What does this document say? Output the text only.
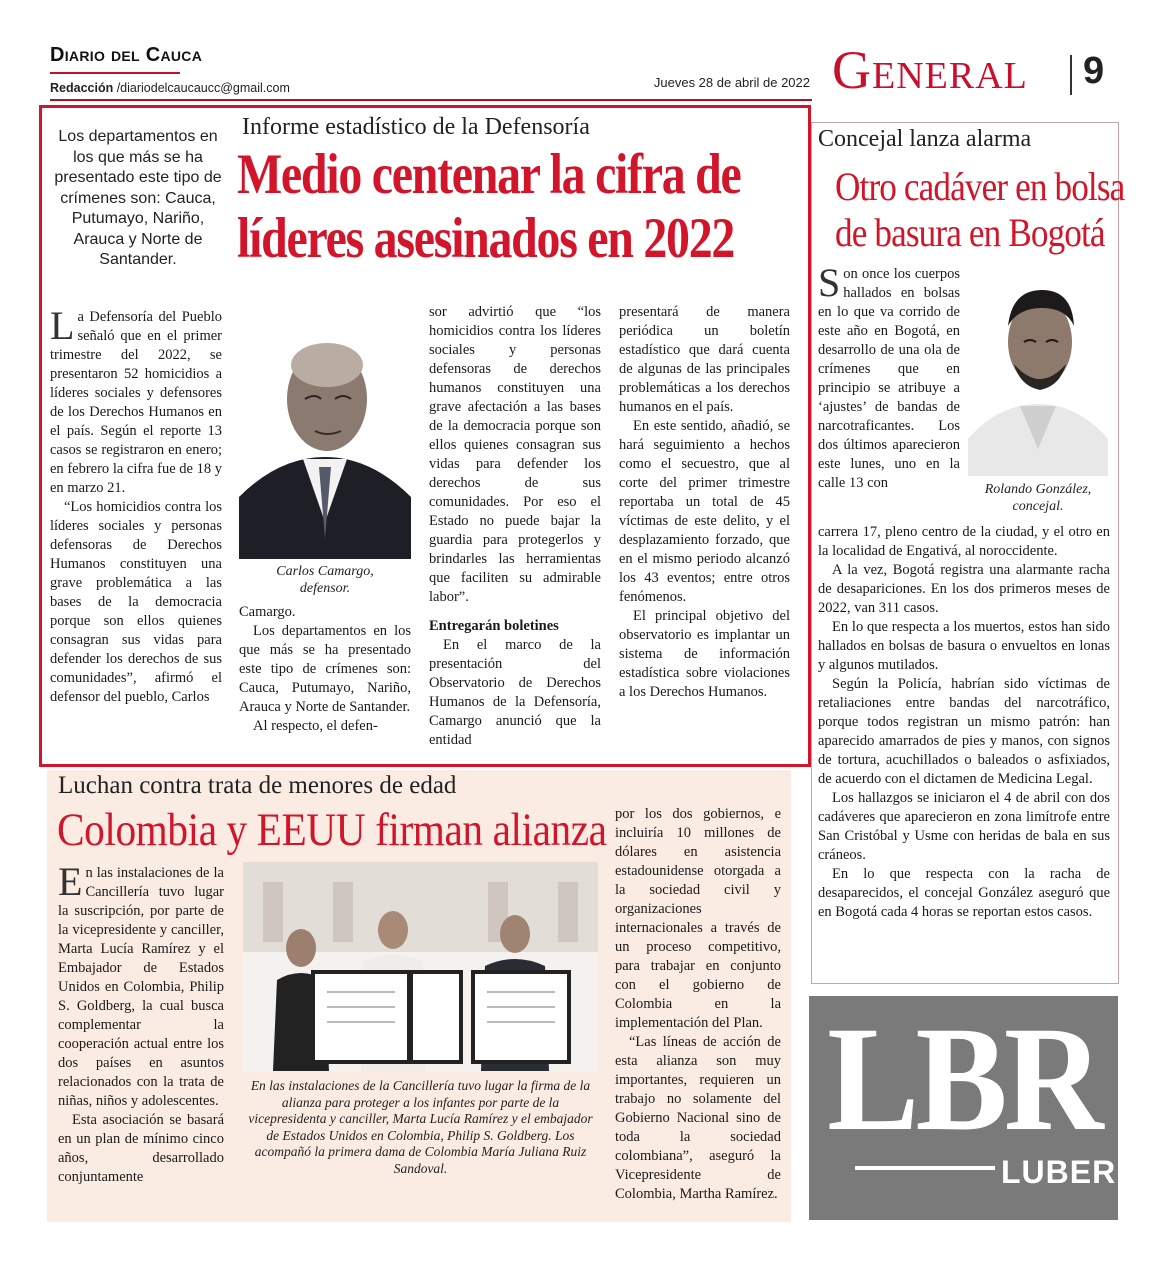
Diario del Cauca
Redacción /diariodelcaucaucc@gmail.com	Jueves 28 de abril de 2022 General 9
Informe estadístico de la Defensoría
Medio centenar la cifra de
líderes asesinados en 2022
Los departamentos en los que más se ha presentado este tipo de crímenes son: Cauca, Putumayo, Nariño, Arauca y Norte de Santander.

La Defensoría del Pueblo señaló que en el primer trimestre del 2022, se presentaron 52 homicidios a líderes sociales y defensores de los Derechos Humanos en el país. Según el reporte 13 casos se registraron en enero; en febrero la cifra fue de 18 y en marzo 21.

“Los homicidios contra los líderes sociales y personas defensoras de Derechos Humanos constituyen una grave problemática a las bases de la democracia porque son ellos quienes consagran sus vidas para defender los derechos de sus comunidades”, afirmó el defensor del pueblo, Carlos

Carlos Camargo,
defensor.

Camargo.

Los departamentos en los que más se ha presentado este tipo de crímenes son: Cauca, Putumayo, Nariño, Arauca y Norte de Santander.

Al respecto, el defen-

sor advirtió que “los homicidios contra los líderes sociales y personas defensoras de derechos humanos constituyen una grave afectación a las bases de la democracia porque son ellos quienes consagran sus vidas para defender los derechos de sus comunidades. Por eso el Estado no puede bajar la guardia para protegerlos y brindarles las herramientas que faciliten su admirable labor”.

Entregarán boletines

En el marco de la presentación del Observatorio de Derechos Humanos de la Defensoría, Camargo anunció que la entidad

presentará de manera periódica un boletín estadístico que dará cuenta de algunas de las principales problemáticas a los derechos humanos en el país.

En este sentido, añadió, se hará seguimiento a hechos como el secuestro, que al corte del primer trimestre reportaba un total de 45 víctimas de este delito, y el desplazamiento forzado, que en el mismo periodo alcanzó los 43 eventos; entre otros fenómenos.

El principal objetivo del observatorio es implantar un sistema de información estadística sobre violaciones a los Derechos Humanos.

Concejal lanza alarma
Otro cadáver en bolsa
de basura en Bogotá

Son once los cuerpos hallados en bolsas en lo que va corrido de este año en Bogotá, en desarrollo de una ola de crímenes que en principio se atribuye a ‘ajustes’ de bandas de narcotraficantes. Los dos últimos aparecieron este lunes, uno en la calle 13 con	Rolando González,
concejal.

carrera 17, pleno centro de la ciudad, y el otro en la localidad de Engativá, al noroccidente.

A la vez, Bogotá registra una alarmante racha de desapariciones. En los dos primeros meses de 2022, van 311 casos.

En lo que respecta a los muertos, estos han sido hallados en bolsas de basura o envueltos en lonas y algunos mutilados.

Según la Policía, habrían sido víctimas de retaliaciones entre bandas del narcotráfico, porque todos registran un mismo patrón: han aparecido amarrados de pies y manos, con signos de tortura, acuchillados o baleados o asfixiados, de acuerdo con el dictamen de Medicina Legal.

Los hallazgos se iniciaron el 4 de abril con dos cadáveres que aparecieron en zona limítrofe entre San Cristóbal y Usme con heridas de bala en sus cráneos.

En lo que respecta con la racha de desaparecidos, el concejal González aseguró que en Bogotá cada 4 horas se reportan estos casos.

Luchan contra trata de menores de edad
Colombia y EEUU firman alianza

En las instalaciones de la Cancillería tuvo lugar la suscripción, por parte de la vicepresidente y canciller, Marta Lucía Ramírez y el Embajador de Estados Unidos en Colombia, Philip S. Goldberg, la cual busca complementar la cooperación actual entre los dos países en asuntos relacionados con la trata de niñas, niños y adolescentes.

Esta asociación se basará en un plan de mínimo cinco años, desarrollado conjuntamente

En las instalaciones de la Cancillería tuvo lugar la firma de la alianza para proteger a los infantes por parte de la vicepresidenta y canciller, Marta Lucía Ramírez y el embajador de Estados Unidos en Colombia, Philip S. Goldberg. Los acompañó la primera dama de Colombia María Juliana Ruiz Sandoval.

por los dos gobiernos, e incluiría 10 millones de dólares en asistencia estadounidense otorgada a la sociedad civil y organizaciones internacionales a través de un proceso competitivo, para trabajar en conjunto con el gobierno de Colombia en la implementación del Plan.

“Las líneas de acción de esta alianza son muy importantes, requieren un trabajo no solamente del Gobierno Nacional sino de toda la sociedad colombiana”, aseguró la Vicepresidente de Colombia, Martha Ramírez.

LBR
LUBER
